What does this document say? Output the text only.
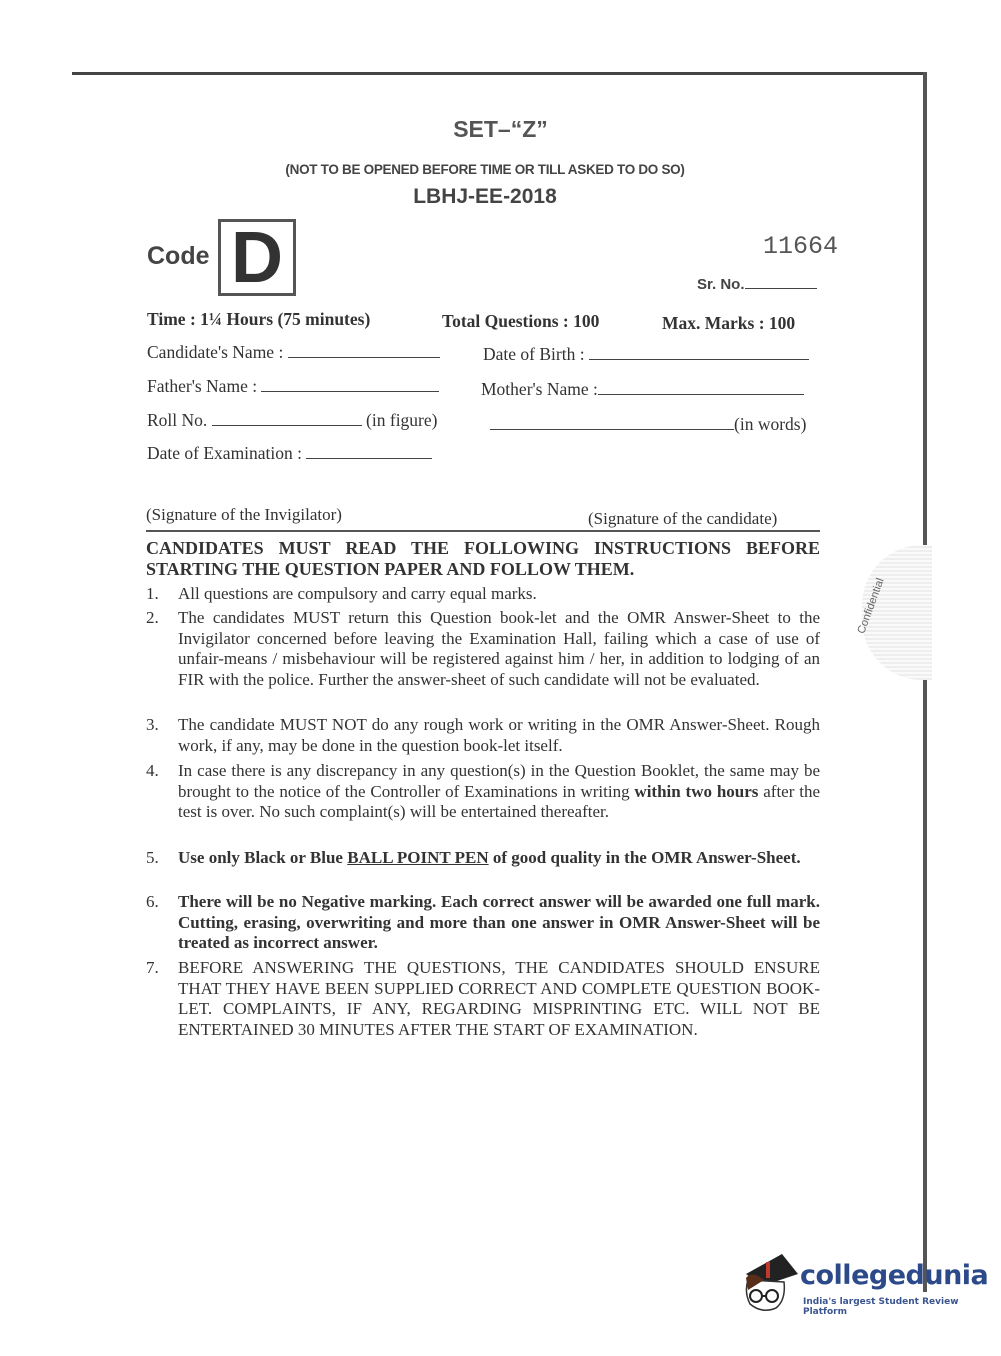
SET–“Z”
(NOT TO BE OPENED BEFORE TIME OR TILL ASKED TO DO SO)
LBHJ-EE-2018
Code D	11664
Sr. No.
Time : 1¼ Hours (75 minutes)	Total Questions : 100	Max. Marks : 100
Candidate's Name :	Date of Birth :
Father's Name :	Mother's Name :
Roll No.	(in figure)	(in words)
Date of Examination :
(Signature of the Invigilator)	(Signature of the candidate)
CANDIDATES MUST READ THE FOLLOWING INSTRUCTIONS BEFORE STARTING THE QUESTION PAPER AND FOLLOW THEM.
1. All questions are compulsory and carry equal marks.
2. The candidates MUST return this Question book-let and the OMR Answer-Sheet to the Invigilator concerned before leaving the Examination Hall, failing which a case of use of unfair-means / misbehaviour will be registered against him / her, in addition to lodging of an FIR with the police. Further the answer-sheet of such candidate will not be evaluated.
3. The candidate MUST NOT do any rough work or writing in the OMR Answer-Sheet. Rough work, if any, may be done in the question book-let itself.
4. In case there is any discrepancy in any question(s) in the Question Booklet, the same may be brought to the notice of the Controller of Examinations in writing within two hours after the test is over. No such complaint(s) will be entertained thereafter.
5. Use only Black or Blue BALL POINT PEN of good quality in the OMR Answer-Sheet.
6. There will be no Negative marking. Each correct answer will be awarded one full mark. Cutting, erasing, overwriting and more than one answer in OMR Answer-Sheet will be treated as incorrect answer.
7. BEFORE ANSWERING THE QUESTIONS, THE CANDIDATES SHOULD ENSURE THAT THEY HAVE BEEN SUPPLIED CORRECT AND COMPLETE QUESTION BOOK-LET. COMPLAINTS, IF ANY, REGARDING MISPRINTING ETC. WILL NOT BE ENTERTAINED 30 MINUTES AFTER THE START OF EXAMINATION.
Confidential
collegedunia
India's largest Student Review Platform
